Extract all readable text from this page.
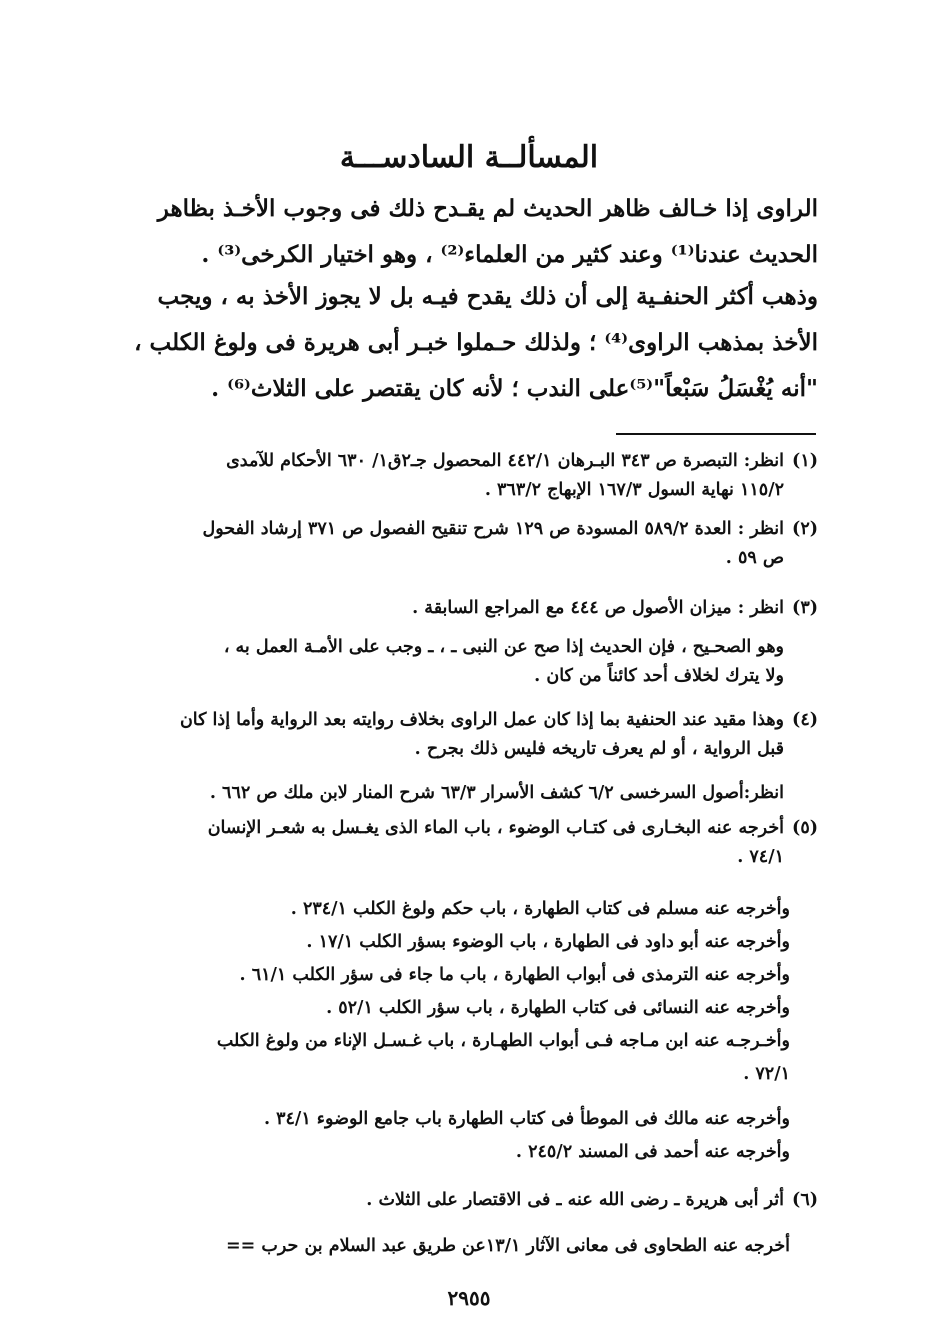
المسألــة السادســـة
الراوى إذا خـالف ظاهر الحديث لم يقـدح ذلك فى وجوب الأخـذ بظاهر
الحديث عندنا⁽¹⁾ وعند كثير من العلماء⁽²⁾ ، وهو اختيار الكرخى⁽³⁾ .
وذهب أكثر الحنفـية إلى أن ذلك يقدح فيـه بل لا يجوز الأخذ به ، ويجب
الأخذ بمذهب الراوى⁽⁴⁾ ؛ ولذلك حـملوا خبـر أبى هريرة فى ولوغ الكلب ،
"أنه يُغْسَلُ سَبْعاً"⁽⁵⁾على الندب ؛ لأنه كان يقتصر على الثلاث⁽⁶⁾ .
(١)انظر: التبصرة ص ٣٤٣ البـرهان ٤٤٢/١ المحصول جـ٢ق١/ ٦٣٠ الأحكام للآمدى
١١٥/٢ نهاية السول ١٦٧/٣ الإبهاج ٣٦٣/٢ .
(٢)انظر : العدة ٥٨٩/٢ المسودة ص ١٢٩ شرح تنقيح الفصول ص ٣٧١ إرشاد الفحول
ص ٥٩ .
(٣)انظر : ميزان الأصول ص ٤٤٤ مع المراجع السابقة .
وهو الصحـيح ، فإن الحديث إذا صح عن النبى ـ ، ـ وجب على الأمـة العمل به ،
ولا يترك لخلاف أحد كائناً من كان .
(٤)وهذا مقيد عند الحنفية بما إذا كان عمل الراوى بخلاف روايته بعد الرواية وأما إذا كان
قبل الرواية ، أو لم يعرف تاريخه فليس ذلك بجرح .
انظر:أصول السرخسى ٦/٢ كشف الأسرار ٦٣/٣ شرح المنار لابن ملك ص ٦٦٢ .
(٥)أخرجه عنه البخـارى فى كتـاب الوضوء ، باب الماء الذى يغـسل به شعـر الإنسان
٧٤/١ .
وأخرجه عنه مسلم فى كتاب الطهارة ، باب حكم ولوغ الكلب ٢٣٤/١ .
وأخرجه عنه أبو داود فى الطهارة ، باب الوضوء بسؤر الكلب ١٧/١ .
وأخرجه عنه الترمذى فى أبواب الطهارة ، باب ما جاء فى سؤر الكلب ٦١/١ .
وأخرجه عنه النسائى فى كتاب الطهارة ، باب سؤر الكلب ٥٢/١ .
وأخـرجـه عنه ابن مـاجه فـى أبواب الطهـارة ، باب غـسـل الإناء من ولوغ الكلب
٧٢/١ .
وأخرجه عنه مالك فى الموطأ فى كتاب الطهارة باب جامع الوضوء ٣٤/١ .
وأخرجه عنه أحمد فى المسند ٢٤٥/٢ .
(٦)أثر أبى هريرة ـ رضى الله عنه ـ فى الاقتصار على الثلاث .
أخرجه عنه الطحاوى فى معانى الآثار ١٣/١عن طريق عبد السلام بن حرب ==
٢٩٥٥
